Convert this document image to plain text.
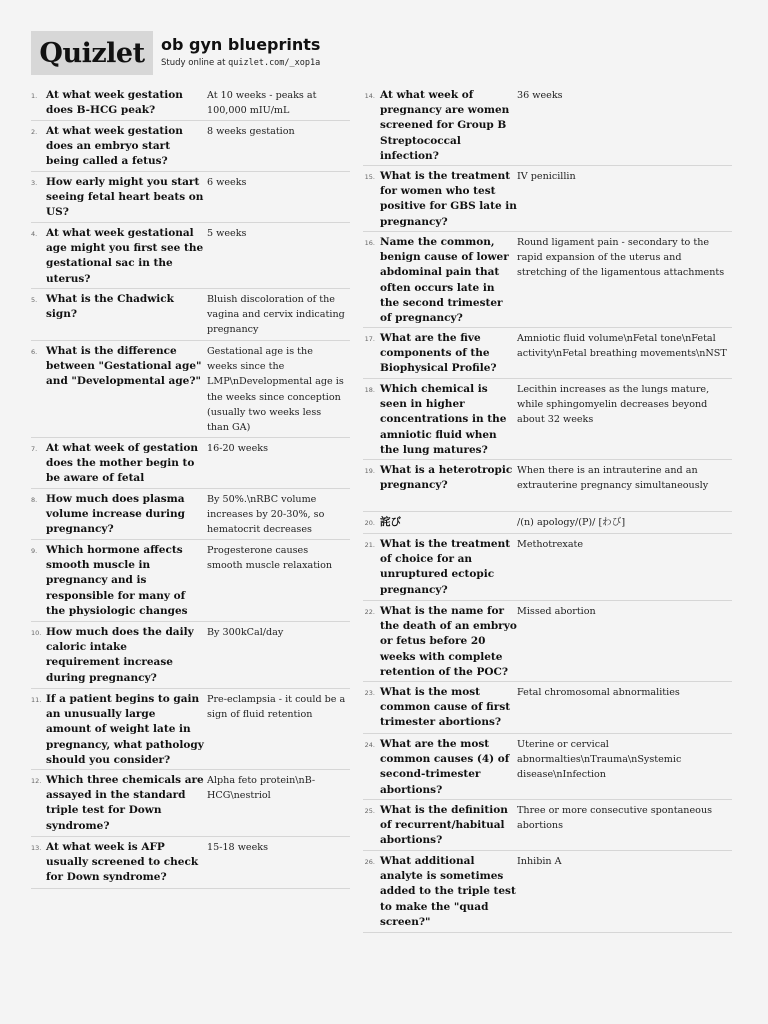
Quizlet	ob gyn blueprints
Study online at quizlet.com/_xop1a
1. At what week gestation does B-HCG peak?
At 10 weeks - peaks at 100,000 mIU/mL
2. At what week gestation does an embryo start being called a fetus?
8 weeks gestation
3. How early might you start seeing fetal heart beats on US?
6 weeks
4. At what week gestational age might you first see the gestational sac in the uterus?
5 weeks
5. What is the Chadwick sign?
Bluish discoloration of the vagina and cervix indicating pregnancy
6. What is the difference between "Gestational age" and "Developmental age?"
Gestational age is the weeks since the LMP\nDevelopmental age is the weeks since conception (usually two weeks less than GA)
7. At what week of gestation does the mother begin to be aware of fetal
16-20 weeks
8. How much does plasma volume increase during pregnancy?
By 50%.\nRBC volume increases by 20-30%, so hematocrit decreases
9. Which hormone affects smooth muscle in pregnancy and is responsible for many of the physiologic changes
Progesterone causes smooth muscle relaxation
10. How much does the daily caloric intake requirement increase during pregnancy?
By 300kCal/day
11. If a patient begins to gain an unusually large amount of weight late in pregnancy, what pathology should you consider?
Pre-eclampsia - it could be a sign of fluid retention
12. Which three chemicals are assayed in the standard triple test for Down syndrome?
Alpha feto protein\nB-HCG\nestriol
13. At what week is AFP usually screened to check for Down syndrome?
15-18 weeks
14. At what week of pregnancy are women screened for Group B Streptococcal infection?
36 weeks
15. What is the treatment for women who test positive for GBS late in pregnancy?
IV penicillin
16. Name the common, benign cause of lower abdominal pain that often occurs late in the second trimester of pregnancy?
Round ligament pain - secondary to the rapid expansion of the uterus and stretching of the ligamentous attachments
17. What are the five components of the Biophysical Profile?
Amniotic fluid volume\nFetal tone\nFetal activity\nFetal breathing movements\nNST
18. Which chemical is seen in higher concentrations in the amniotic fluid when the lung matures?
Lecithin increases as the lungs mature, while sphingomyelin decreases beyond about 32 weeks
19. What is a heterotropic pregnancy?
When there is an intrauterine and an extrauterine pregnancy simultaneously
20. 詫び	/(n) apology/(P)/ [わび]
21. What is the treatment of choice for an unruptured ectopic pregnancy?
Methotrexate
22. What is the name for the death of an embryo or fetus before 20 weeks with complete retention of the POC?
Missed abortion
23. What is the most common cause of first trimester abortions?
Fetal chromosomal abnormalities
24. What are the most common causes (4) of second-trimester abortions?
Uterine or cervical abnormalties\nTrauma\nSystemic disease\nInfection
25. What is the definition of recurrent/habitual abortions?
Three or more consecutive spontaneous abortions
26. What additional analyte is sometimes added to the triple test to make the "quad screen?"
Inhibin A
